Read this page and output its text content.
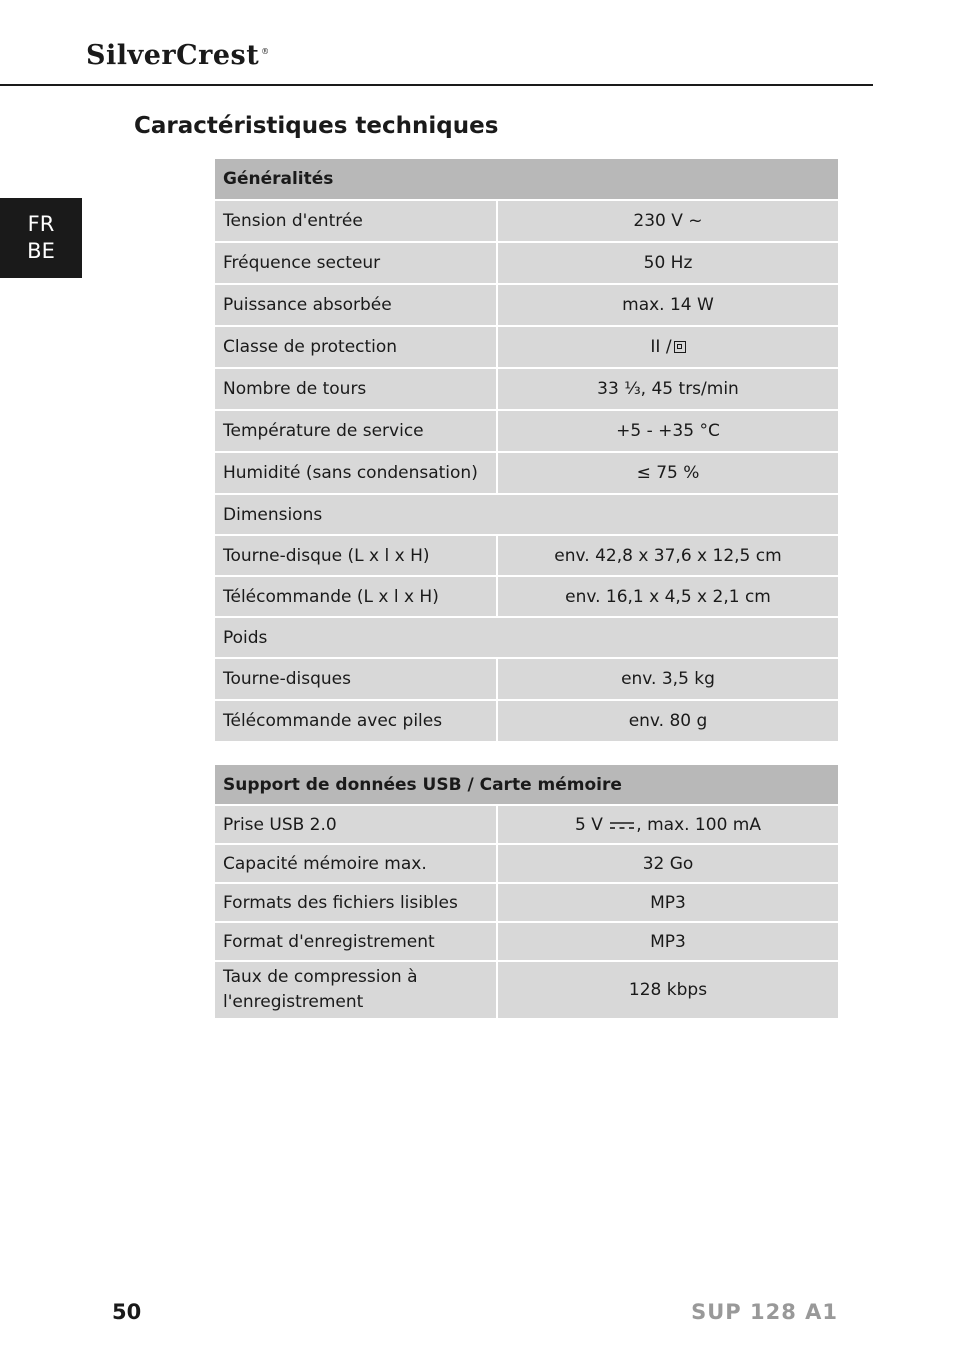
SilverCrest ®
Caractéristiques techniques
FR
BE
Généralités	
Tension d'entrée	230 V ~
Fréquence secteur	50 Hz
Puissance absorbée	max. 14 W
Classe de protection	II /
Nombre de tours	33 ⅓, 45 trs/min
Température de service	+5 - +35 °C
Humidité (sans condensation)	≤ 75 %
Dimensions	
Tourne-disque (L x l x H)	env. 42,8 x 37,6 x 12,5 cm
Télécommande (L x l x H)	env. 16,1 x 4,5 x 2,1 cm
Poids	
Tourne-disques	env. 3,5 kg
Télécommande avec piles	env. 80 g
Support de données USB / Carte mémoire	
Prise USB 2.0	5 V , max. 100 mA
Capacité mémoire max.	32 Go
Formats des fichiers lisibles	MP3
Format d'enregistrement	MP3
Taux de compression à l'enregistrement	128 kbps
50	SUP 128 A1
